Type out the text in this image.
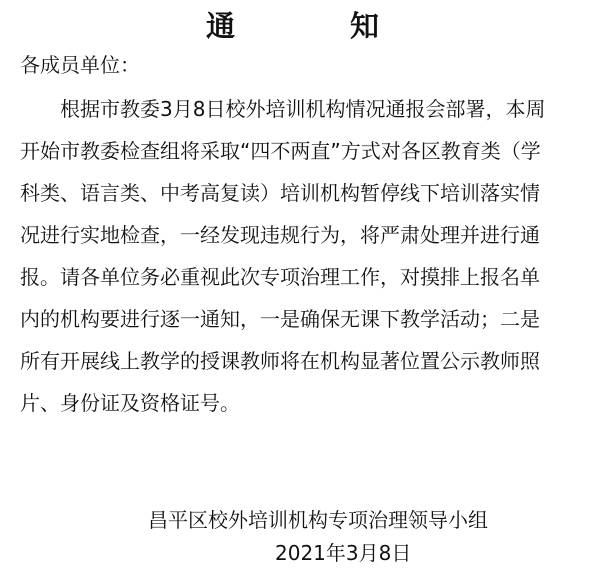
通	知
各成员单位：
根据市教委3月8日校外培训机构情况通报会部署，本周
开始市教委检查组将采取“四不两直”方式对各区教育类（学
科类、语言类、中考高复读）培训机构暂停线下培训落实情
况进行实地检查，一经发现违规行为，将严肃处理并进行通
报。请各单位务必重视此次专项治理工作，对摸排上报名单
内的机构要进行逐一通知，一是确保无课下教学活动；二是
所有开展线上教学的授课教师将在机构显著位置公示教师照
片、身份证及资格证号。
昌平区校外培训机构专项治理领导小组
2021年3月8日
